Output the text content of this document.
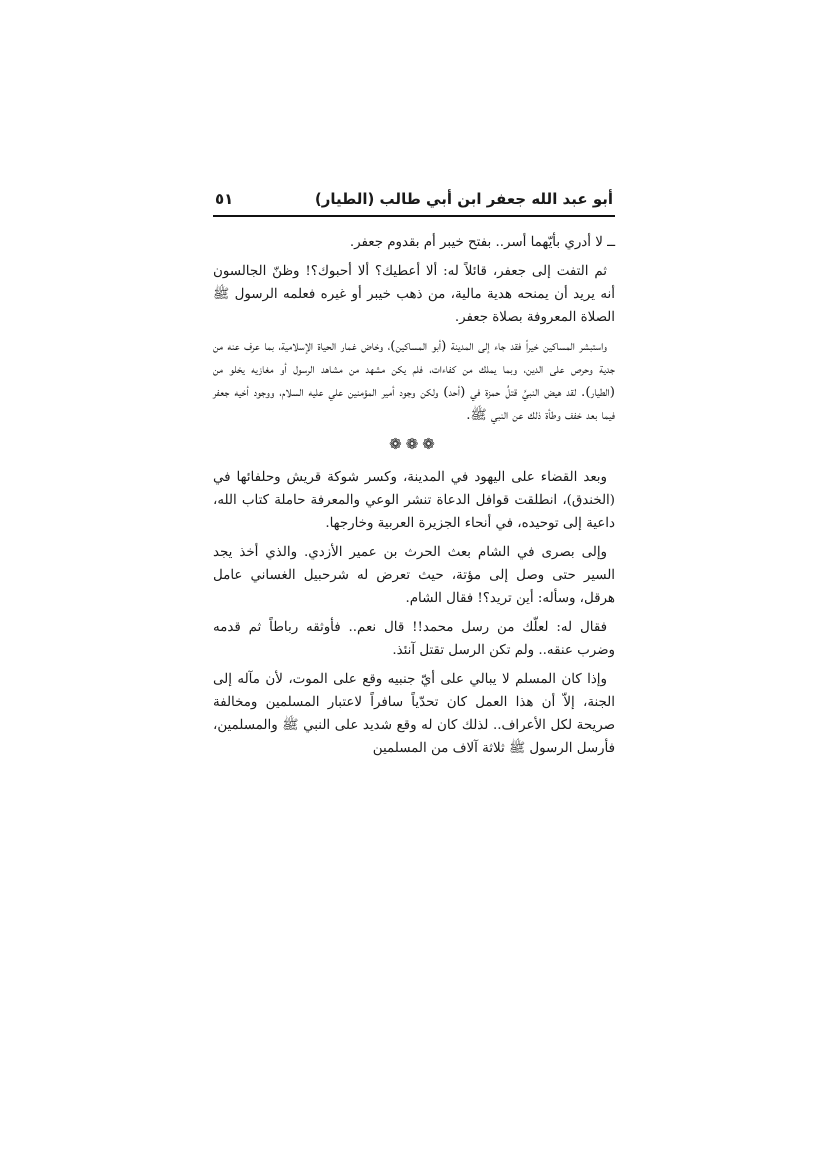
أبو عبد الله جعفر ابن أبي طالب (الطيار)
٥١

ــ لا أدري بأيّهما أسر.. بفتح خيبر أم بقدوم جعفر.

ثم التفت إلى جعفر، قائلاً له: ألا أعطيك؟ ألا أحبوك؟! وظنّ الجالسون أنه يريد أن يمنحه هدية مالية، من ذهب خيبر أو غيره فعلمه الرسول ﷺ الصلاة المعروفة بصلاة جعفر.

واستبشر المساكين خيراً فقد جاء إلى المدينة (أبو المساكين)، وخاض غمار الحياة الإسلامية، بما عرف عنه من جدية وحرص على الدين، وبما يملك من كفاءات، فلم يكن مشهد من مشاهد الرسول أو مغازيه يخلو من (الطيار). لقد هيض النبيَّ قتلُ حمزة في (أحد) ولكن وجود أمير المؤمنين علي عليه السلام، ووجود أخيه جعفر فيما بعد خفف وطأة ذلك عن النبي ﷺ.

❁❁❁

وبعد القضاء على اليهود في المدينة، وكسر شوكة قريش وحلفائها في (الخندق)، انطلقت قوافل الدعاة تنشر الوعي والمعرفة حاملة كتاب الله، داعية إلى توحيده، في أنحاء الجزيرة العربية وخارجها.

وإلى بصرى في الشام بعث الحرث بن عمير الأزدي. والذي أخذ يجد السير حتى وصل إلى مؤتة، حيث تعرض له شرحبيل الغساني عامل هرقل، وسأله: أين تريد؟! فقال الشام.

فقال له: لعلّك من رسل محمد!! قال نعم.. فأوثقه رباطاً ثم قدمه وضرب عنقه.. ولم تكن الرسل تقتل آنئذ.

وإذا كان المسلم لا يبالي على أيّ جنبيه وقع على الموت، لأن مآله إلى الجنة، إلاّ أن هذا العمل كان تحدّياً سافراً لاعتبار المسلمين ومخالفة صريحة لكل الأعراف.. لذلك كان له وقع شديد على النبي ﷺ والمسلمين، فأرسل الرسول ﷺ ثلاثة آلاف من المسلمين
